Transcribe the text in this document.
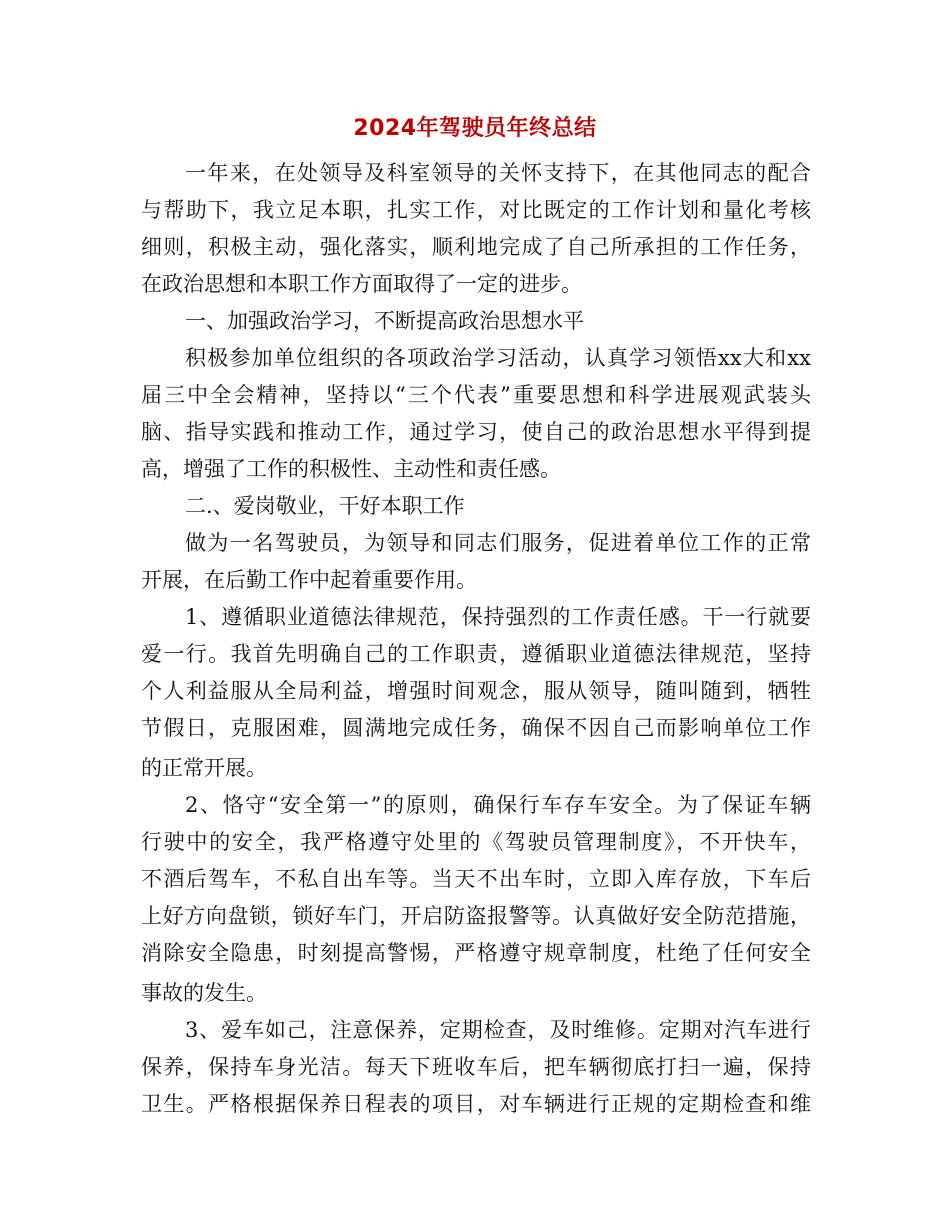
2024年驾驶员年终总结
一年来，在处领导及科室领导的关怀支持下，在其他同志的配合
与帮助下，我立足本职，扎实工作，对比既定的工作计划和量化考核
细则，积极主动，强化落实，顺利地完成了自己所承担的工作任务，
在政治思想和本职工作方面取得了一定的进步。
一、加强政治学习，不断提高政治思想水平
积极参加单位组织的各项政治学习活动，认真学习领悟xx大和xx
届三中全会精神，坚持以“三个代表”重要思想和科学进展观武装头
脑、指导实践和推动工作，通过学习，使自己的政治思想水平得到提
高，增强了工作的积极性、主动性和责任感。
二.、爱岗敬业，干好本职工作
做为一名驾驶员，为领导和同志们服务，促进着单位工作的正常
开展，在后勤工作中起着重要作用。
1、遵循职业道德法律规范，保持强烈的工作责任感。干一行就要
爱一行。我首先明确自己的工作职责，遵循职业道德法律规范，坚持
个人利益服从全局利益，增强时间观念，服从领导，随叫随到，牺牲
节假日，克服困难，圆满地完成任务，确保不因自己而影响单位工作
的正常开展。
2、恪守“安全第一”的原则，确保行车存车安全。为了保证车辆
行驶中的安全，我严格遵守处里的《驾驶员管理制度》，不开快车，
不酒后驾车，不私自出车等。当天不出车时，立即入库存放，下车后
上好方向盘锁，锁好车门，开启防盗报警等。认真做好安全防范措施，
消除安全隐患，时刻提高警惕，严格遵守规章制度，杜绝了任何安全
事故的发生。
3、爱车如己，注意保养，定期检查，及时维修。定期对汽车进行
保养，保持车身光洁。每天下班收车后，把车辆彻底打扫一遍，保持
卫生。严格根据保养日程表的项目，对车辆进行正规的定期检查和维
